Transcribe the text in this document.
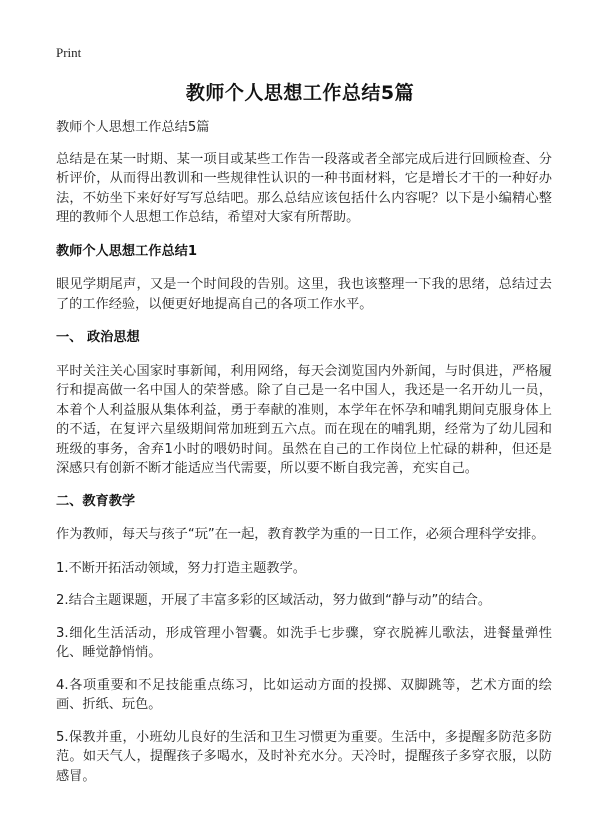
Print
教师个人思想工作总结5篇

教师个人思想工作总结5篇

总结是在某一时期、某一项目或某些工作告一段落或者全部完成后进行回顾检查、分析评价，从而得出教训和一些规律性认识的一种书面材料，它是增长才干的一种好办法，不妨坐下来好好写写总结吧。那么总结应该包括什么内容呢？以下是小编精心整理的教师个人思想工作总结，希望对大家有所帮助。

教师个人思想工作总结1

眼见学期尾声，又是一个时间段的告别。这里，我也该整理一下我的思绪，总结过去了的工作经验，以便更好地提高自己的各项工作水平。

一、 政治思想

平时关注关心国家时事新闻，利用网络，每天会浏览国内外新闻，与时俱进，严格履行和提高做一名中国人的荣誉感。除了自己是一名中国人，我还是一名开幼儿一员，本着个人利益服从集体利益，勇于奉献的准则，本学年在怀孕和哺乳期间克服身体上的不适，在复评六星级期间常加班到五六点。而在现在的哺乳期，经常为了幼儿园和班级的事务，舍弃1小时的喂奶时间。虽然在自己的工作岗位上忙碌的耕种，但还是深感只有创新不断才能适应当代需要，所以要不断自我完善，充实自己。

二、教育教学

作为教师，每天与孩子“玩”在一起，教育教学为重的一日工作，必须合理科学安排。

1.不断开拓活动领域，努力打造主题教学。

2.结合主题课题，开展了丰富多彩的区域活动，努力做到“静与动”的结合。

3.细化生活活动，形成管理小智囊。如洗手七步骤，穿衣脱裤儿歌法，进餐量弹性化、睡觉静悄悄。

4.各项重要和不足技能重点练习，比如运动方面的投掷、双脚跳等，艺术方面的绘画、折纸、玩色。

5.保教并重，小班幼儿良好的生活和卫生习惯更为重要。生活中，多提醒多防范多防范。如天气人，提醒孩子多喝水，及时补充水分。天冷时，提醒孩子多穿衣服，以防感冒。
